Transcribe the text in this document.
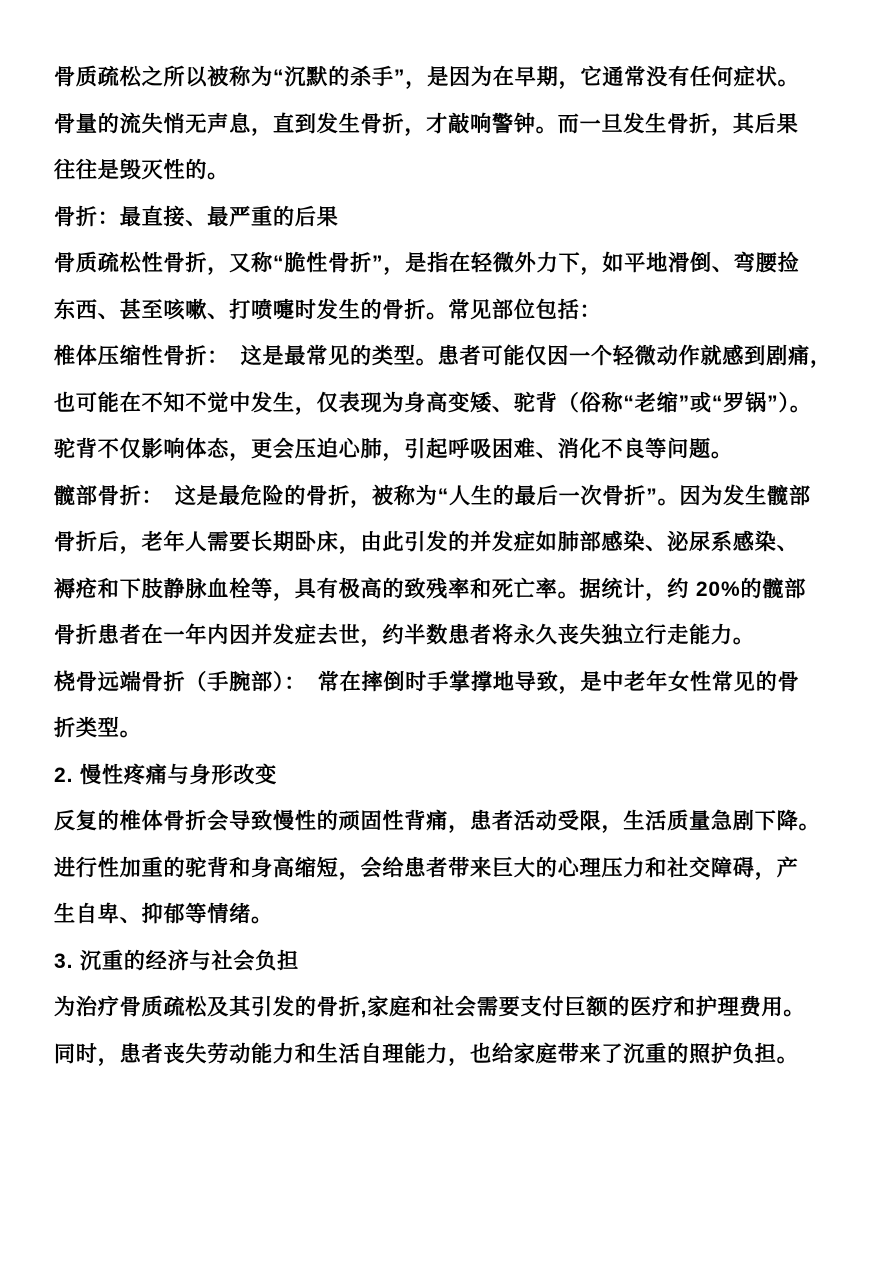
骨质疏松之所以被称为“沉默的杀手”，是因为在早期，它通常没有任何症状。
骨量的流失悄无声息，直到发生骨折，才敲响警钟。而一旦发生骨折，其后果
往往是毁灭性的。
骨折：最直接、最严重的后果
骨质疏松性骨折，又称“脆性骨折”，是指在轻微外力下，如平地滑倒、弯腰捡
东西、甚至咳嗽、打喷嚏时发生的骨折。常见部位包括：
椎体压缩性骨折：　这是最常见的类型。患者可能仅因一个轻微动作就感到剧痛，
也可能在不知不觉中发生，仅表现为身高变矮、驼背（俗称“老缩”或“罗锅”）。
驼背不仅影响体态，更会压迫心肺，引起呼吸困难、消化不良等问题。
髋部骨折：　这是最危险的骨折，被称为“人生的最后一次骨折”。因为发生髋部
骨折后，老年人需要长期卧床，由此引发的并发症如肺部感染、泌尿系感染、
褥疮和下肢静脉血栓等，具有极高的致残率和死亡率。据统计，约 20%的髋部
骨折患者在一年内因并发症去世，约半数患者将永久丧失独立行走能力。
桡骨远端骨折（手腕部）：　常在摔倒时手掌撑地导致，是中老年女性常见的骨
折类型。
2. 慢性疼痛与身形改变
反复的椎体骨折会导致慢性的顽固性背痛，患者活动受限，生活质量急剧下降。
进行性加重的驼背和身高缩短，会给患者带来巨大的心理压力和社交障碍，产
生自卑、抑郁等情绪。
3. 沉重的经济与社会负担
为治疗骨质疏松及其引发的骨折,家庭和社会需要支付巨额的医疗和护理费用。
同时，患者丧失劳动能力和生活自理能力，也给家庭带来了沉重的照护负担。
